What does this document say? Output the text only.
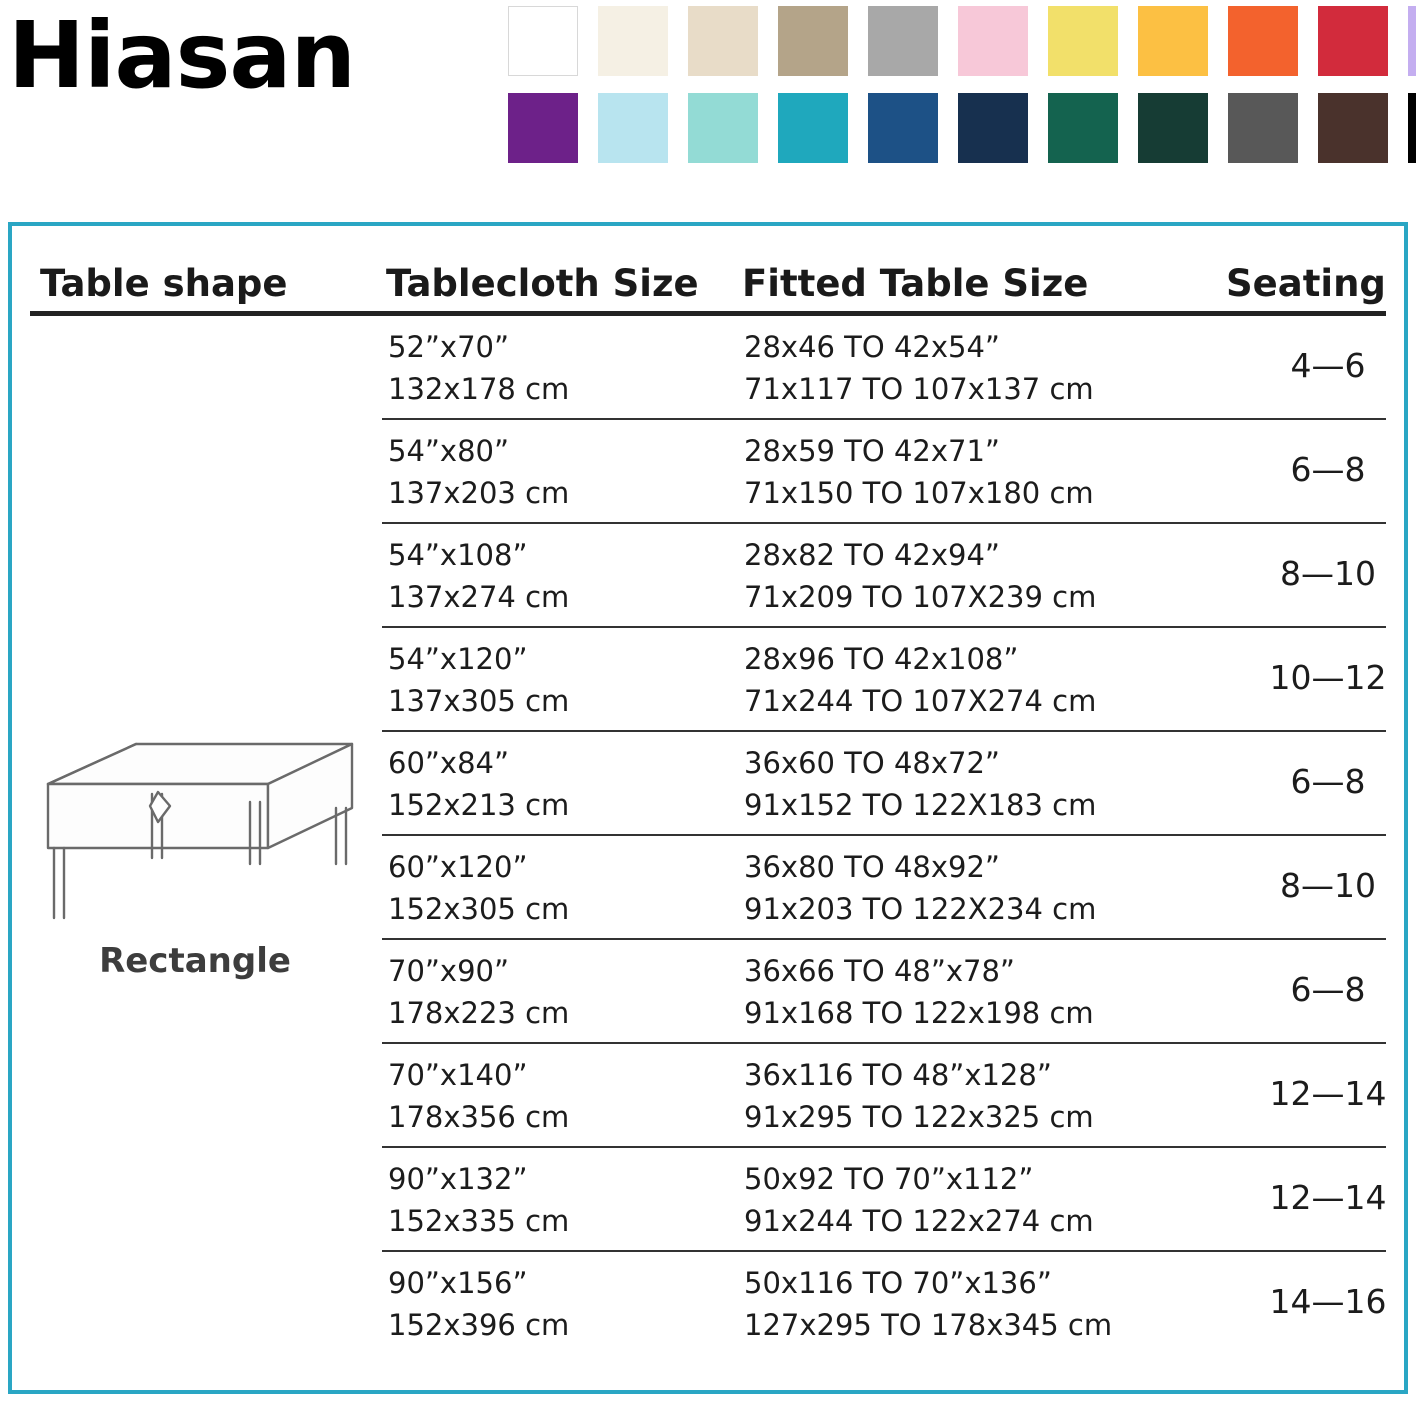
Hiasan
Table shape	Tablecloth Size Fitted Table Size	Seating
Rectangle
52”x70”
132x178 cm
28x46 TO 42x54”
71x117 TO 107x137 cm
4—6
54”x80”
137x203 cm
28x59 TO 42x71”
71x150 TO 107x180 cm
6—8
54”x108”
137x274 cm
28x82 TO 42x94”
71x209 TO 107X239 cm
8—10
54”x120”
137x305 cm
28x96 TO 42x108”
71x244 TO 107X274 cm
10—12
60”x84”
152x213 cm
36x60 TO 48x72”
91x152 TO 122X183 cm
6—8
60”x120”
152x305 cm
36x80 TO 48x92”
91x203 TO 122X234 cm
8—10
70”x90”
178x223 cm
36x66 TO 48”x78”
91x168 TO 122x198 cm
6—8
70”x140”
178x356 cm
36x116 TO 48”x128”
91x295 TO 122x325 cm
12—14
90”x132”
152x335 cm
50x92 TO 70”x112”
91x244 TO 122x274 cm
12—14
90”x156”
152x396 cm
50x116 TO 70”x136”
127x295 TO 178x345 cm
14—16
